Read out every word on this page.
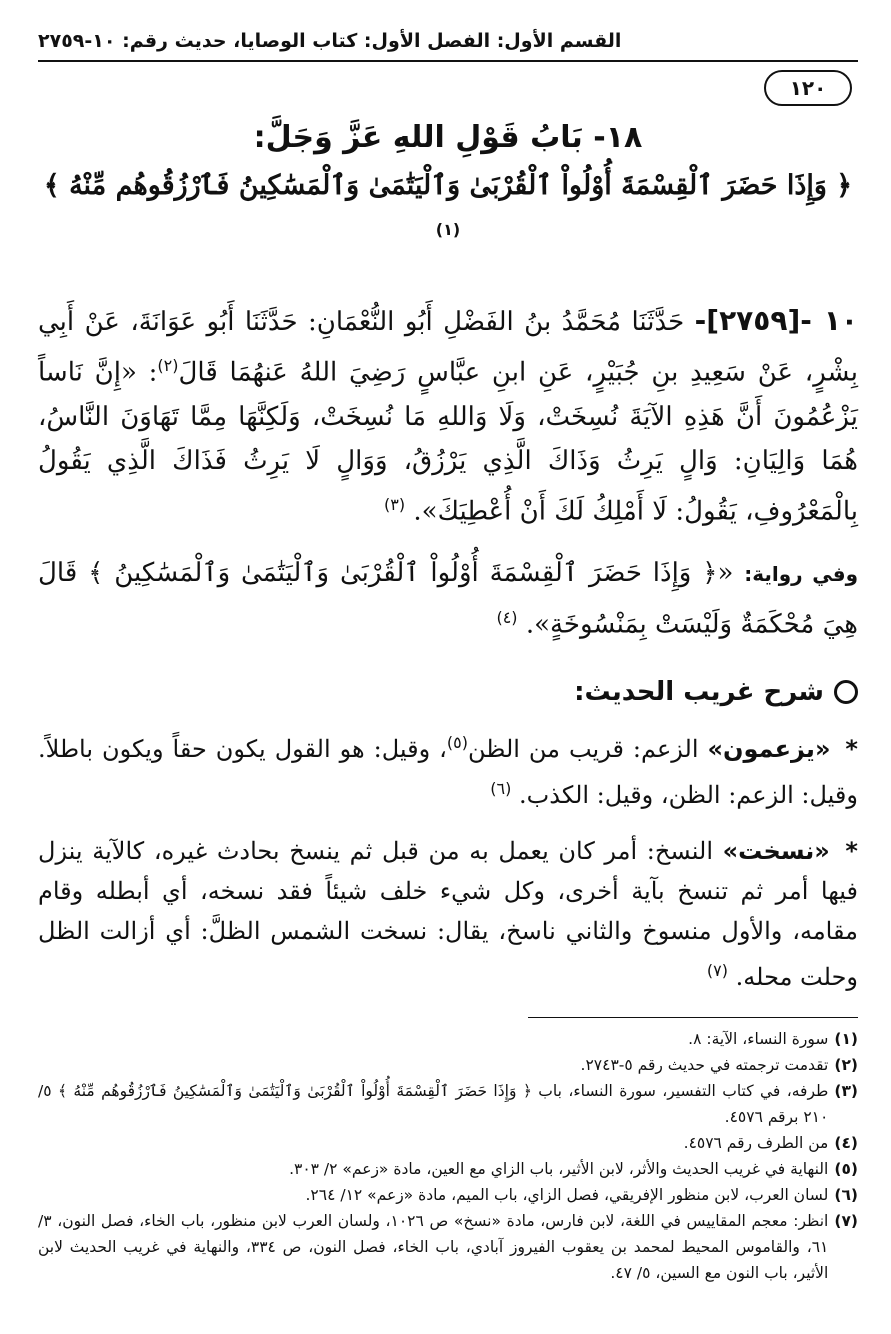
القسم الأول: الفصل الأول: كتاب الوصايا، حديث رقم: ١٠-٢٧٥٩
١٢٠
١٨- بَابُ قَوْلِ اللهِ عَزَّ وَجَلَّ:
﴿ وَإِذَا حَضَرَ ٱلْقِسْمَةَ أُوْلُواْ ٱلْقُرْبَىٰ وَٱلْيَتَٰمَىٰ وَٱلْمَسَٰكِينُ فَٱرْزُقُوهُم مِّنْهُ ﴾$^{(١)}$
١٠ -[٢٧٥٩]- حَدَّثَنَا مُحَمَّدُ بنُ الفَضْلِ أَبُو النُّعْمَانِ: حَدَّثَنَا أَبُو عَوَانَةَ، عَنْ أَبِي بِشْرٍ، عَنْ سَعِيدِ بنِ جُبَيْرٍ، عَنِ ابنِ عبَّاسٍ رَضِيَ اللهُ عَنهُمَا قَالَ$^{(٢)}$: «إِنَّ نَاساً يَزْعُمُونَ أَنَّ هَذِهِ الآيَةَ نُسِخَتْ، وَلَا وَاللهِ مَا نُسِخَتْ، وَلَكِنَّهَا مِمَّا تَهَاوَنَ النَّاسُ، هُمَا وَالِيَانِ: وَالٍ يَرِثُ وَذَاكَ الَّذِي يَرْزُقُ، وَوَالٍ لَا يَرِثُ فَذَاكَ الَّذِي يَقُولُ بِالْمَعْرُوفِ، يَقُولُ: لَا أَمْلِكُ لَكَ أَنْ أُعْطِيَكَ». $^{(٣)}$
وفي رواية: «﴿ وَإِذَا حَضَرَ ٱلْقِسْمَةَ أُوْلُواْ ٱلْقُرْبَىٰ وَٱلْيَتَٰمَىٰ وَٱلْمَسَٰكِينُ ﴾ قَالَ هِيَ مُحْكَمَةٌ وَلَيْسَتْ بِمَنْسُوخَةٍ». $^{(٤)}$
شرح غريب الحديث:
* «يزعمون» الزعم: قريب من الظن$^{(٥)}$، وقيل: هو القول يكون حقاً ويكون باطلاً. وقيل: الزعم: الظن، وقيل: الكذب. $^{(٦)}$
* «نسخت» النسخ: أمر كان يعمل به من قبل ثم ينسخ بحادث غيره، كالآية ينزل فيها أمر ثم تنسخ بآية أخرى، وكل شيء خلف شيئاً فقد نسخه، أي أبطله وقام مقامه، والأول منسوخ والثاني ناسخ، يقال: نسخت الشمس الظلَّ: أي أزالت الظل وحلت محله. $^{(٧)}$
(١)
سورة النساء، الآية: ٨.
(٢)
تقدمت ترجمته في حديث رقم ٥-٢٧٤٣.
(٣)
طرفه، في كتاب التفسير، سورة النساء، باب ﴿ وَإِذَا حَضَرَ ٱلْقِسْمَةَ أُوْلُواْ ٱلْقُرْبَىٰ وَٱلْيَتَٰمَىٰ وَٱلْمَسَٰكِينُ فَٱرْزُقُوهُم مِّنْهُ ﴾ ٥/ ٢١٠ برقم ٤٥٧٦.
(٤)
من الطرف رقم ٤٥٧٦.
(٥)
النهاية في غريب الحديث والأثر، لابن الأثير، باب الزاي مع العين، مادة «زعم» ٢/ ٣٠٣.
(٦)
لسان العرب، لابن منظور الإفريقي، فصل الزاي، باب الميم، مادة «زعم» ١٢/ ٢٦٤.
(٧)
انظر: معجم المقاييس في اللغة، لابن فارس، مادة «نسخ» ص ١٠٢٦، ولسان العرب لابن منظور، باب الخاء، فصل النون، ٣/ ٦١، والقاموس المحيط لمحمد بن يعقوب الفيروز آبادي، باب الخاء، فصل النون، ص ٣٣٤، والنهاية في غريب الحديث لابن الأثير، باب النون مع السين، ٥/ ٤٧.
